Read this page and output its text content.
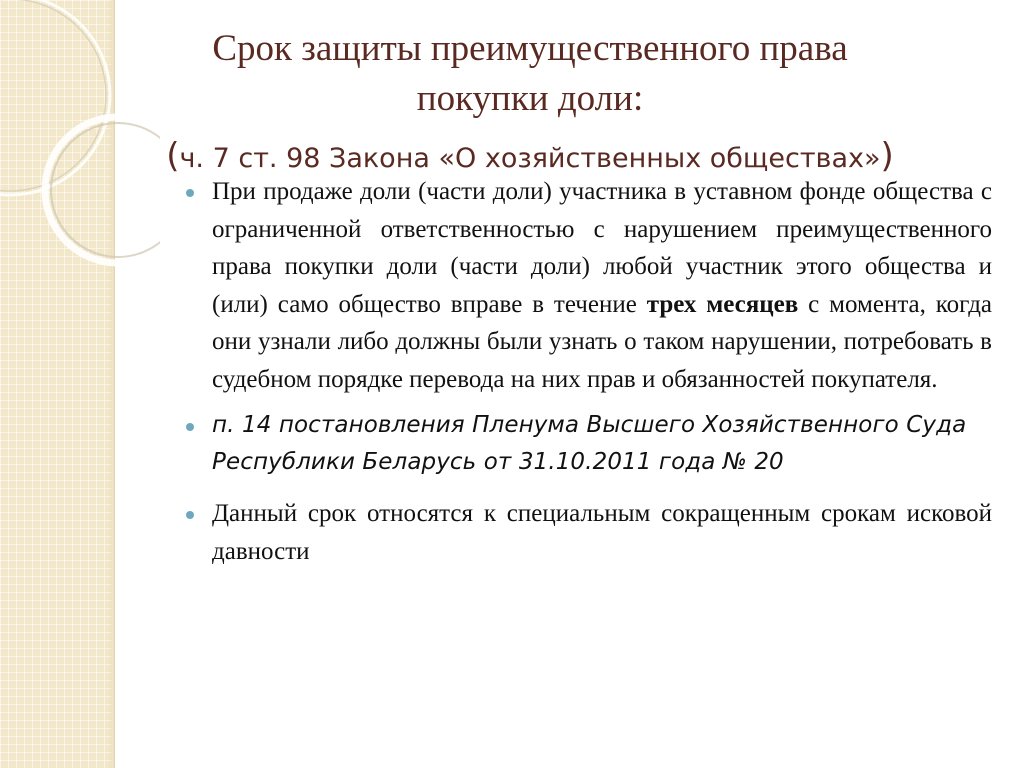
Срок защиты преимущественного права
покупки доли:
(ч. 7 ст. 98 Закона «О хозяйственных обществах»)
При продаже доли (части доли) участника в уставном фонде общества с ограниченной ответственностью с нарушением преимущественного права покупки доли (части доли) любой участник этого общества и (или) само общество вправе в течение трех месяцев с момента, когда они узнали либо должны были узнать о таком нарушении, потребовать в судебном порядке перевода на них прав и обязанностей покупателя.
п. 14 постановления Пленума Высшего Хозяйственного Суда Республики Беларусь от 31.10.2011 года № 20
Данный срок относятся к специальным сокращенным срокам исковой давности
